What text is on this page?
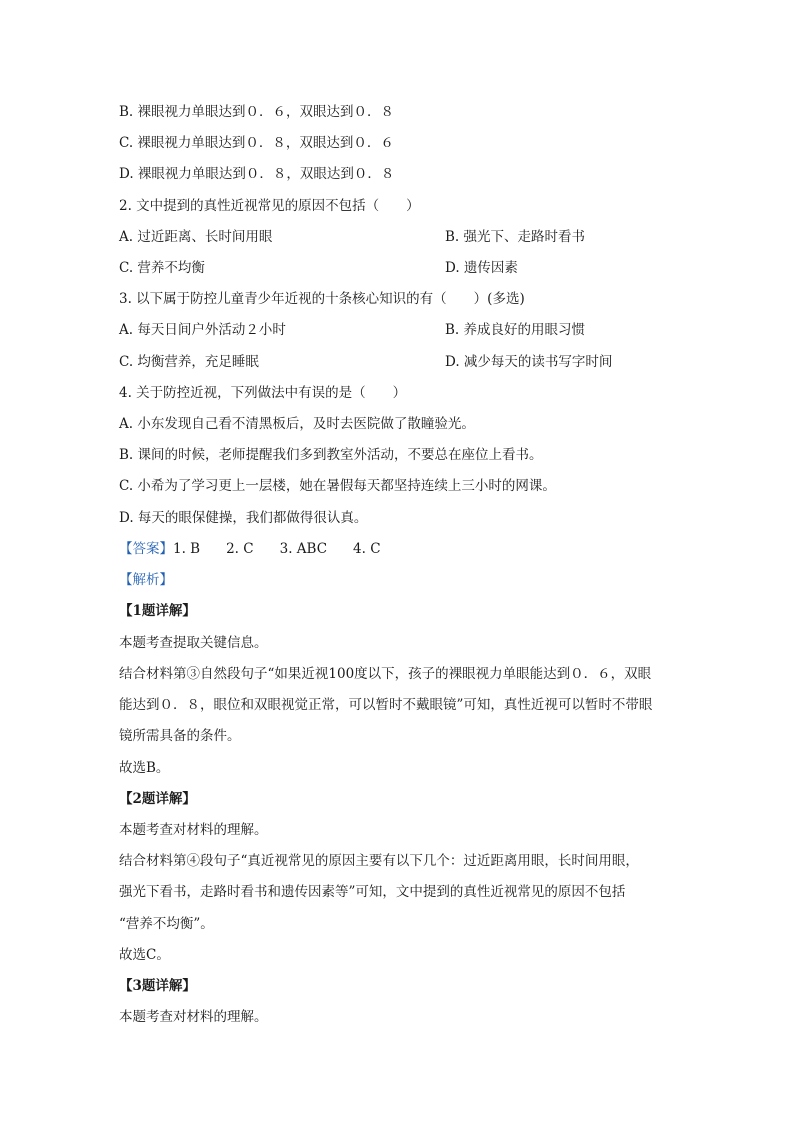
B. 裸眼视力单眼达到０．６，双眼达到０．８
C. 裸眼视力单眼达到０．８，双眼达到０．６
D. 裸眼视力单眼达到０．８，双眼达到０．８
2. 文中提到的真性近视常见的原因不包括（　　）
A. 过近距离、长时间用眼	B. 强光下、走路时看书
C. 营养不均衡	D. 遗传因素
3. 以下属于防控儿童青少年近视的十条核心知识的有（　　）(多选)
A. 每天日间户外活动２小时	B. 养成良好的用眼习惯
C. 均衡营养，充足睡眠	D. 减少每天的读书写字时间
4. 关于防控近视，下列做法中有误的是（　　）
A. 小东发现自己看不清黑板后，及时去医院做了散瞳验光。
B. 课间的时候，老师提醒我们多到教室外活动，不要总在座位上看书。
C. 小希为了学习更上一层楼，她在暑假每天都坚持连续上三小时的网课。
D. 每天的眼保健操，我们都做得很认真。
【答案】1. B 2. C 3. ABC 4. C
【解析】
【1题详解】
本题考查提取关键信息。
结合材料第③自然段句子“如果近视100度以下，孩子的裸眼视力单眼能达到０．６，双眼
能达到０．８，眼位和双眼视觉正常，可以暂时不戴眼镜”可知，真性近视可以暂时不带眼
镜所需具备的条件。
故选B。
【2题详解】
本题考查对材料的理解。
结合材料第④段句子“真近视常见的原因主要有以下几个：过近距离用眼，长时间用眼，
强光下看书，走路时看书和遗传因素等”可知，文中提到的真性近视常见的原因不包括
“营养不均衡”。
故选C。
【3题详解】
本题考查对材料的理解。
